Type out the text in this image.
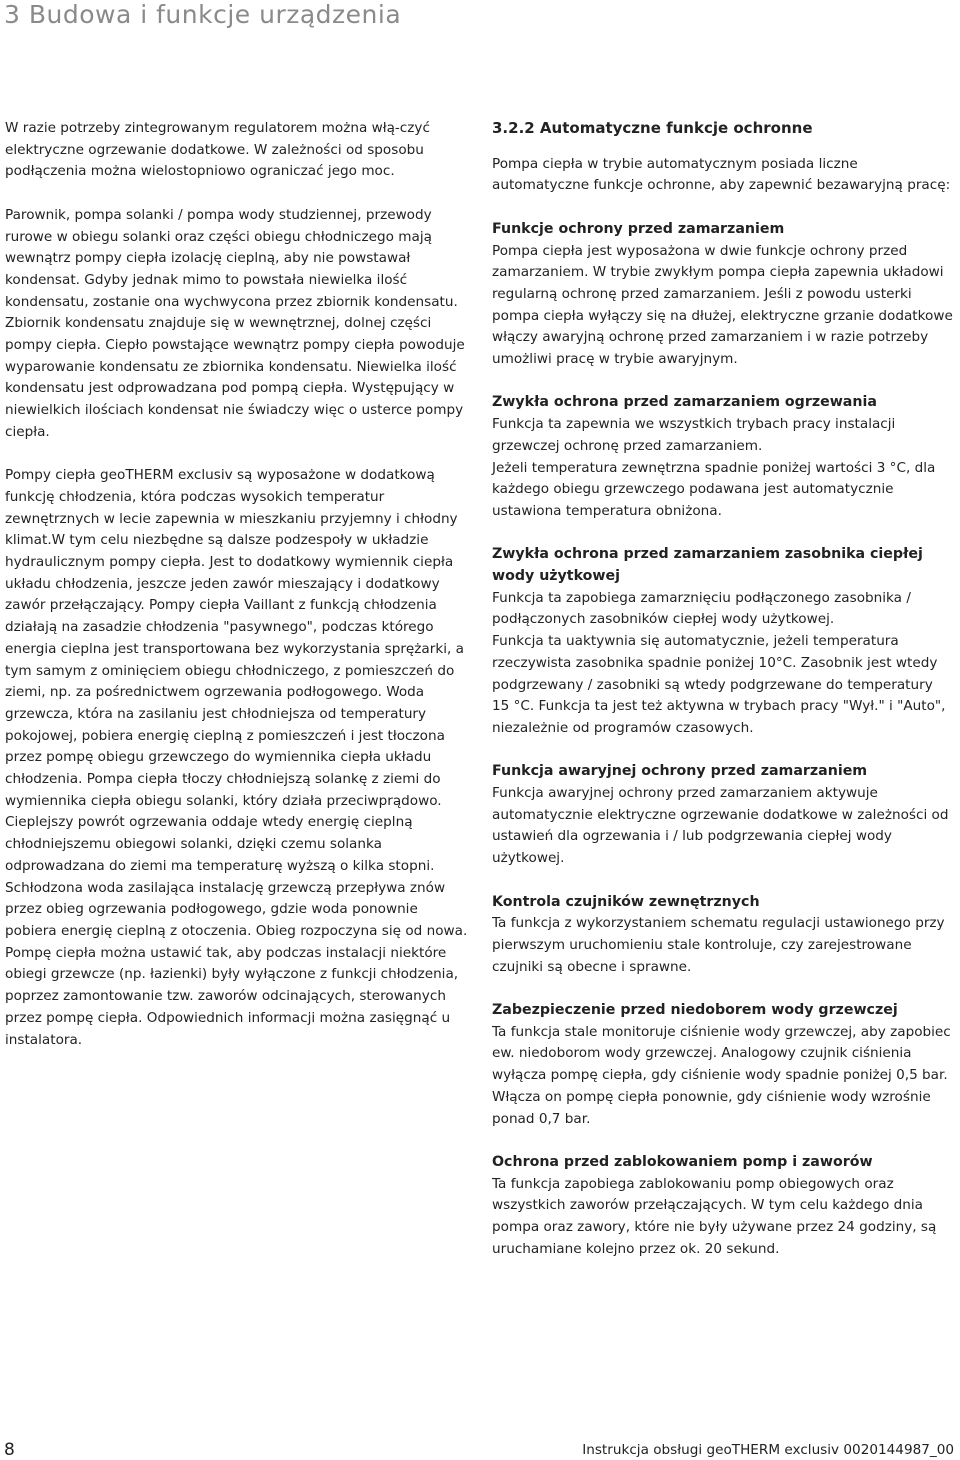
3 Budowa i funkcje urządzenia

W razie potrzeby zintegrowanym regulatorem można włą-czyć elektryczne ogrzewanie dodatkowe. W zależności od sposobu podłączenia można wielostopniowo ograniczać jego moc.

Parownik, pompa solanki / pompa wody studziennej, przewody rurowe w obiegu solanki oraz części obiegu chłodniczego mają wewnątrz pompy ciepła izolację cieplną, aby nie powstawał kondensat. Gdyby jednak mimo to powstała niewielka ilość kondensatu, zostanie ona wychwycona przez zbiornik kondensatu. Zbiornik kondensatu znajduje się w wewnętrznej, dolnej części pompy ciepła. Ciepło powstające wewnątrz pompy ciepła powoduje wyparowanie kondensatu ze zbiornika kondensatu. Niewielka ilość kondensatu jest odprowadzana pod pompą ciepła. Występujący w niewielkich ilościach kondensat nie świadczy więc o usterce pompy ciepła.

Pompy ciepła geoTHERM exclusiv są wyposażone w dodatkową funkcję chłodzenia, która podczas wysokich temperatur zewnętrznych w lecie zapewnia w mieszkaniu przyjemny i chłodny klimat.W tym celu niezbędne są dalsze podzespoły w układzie hydraulicznym pompy ciepła. Jest to dodatkowy wymiennik ciepła układu chłodzenia, jeszcze jeden zawór mieszający i dodatkowy zawór przełączający. Pompy ciepła Vaillant z funkcją chłodzenia działają na zasadzie chłodzenia "pasywnego", podczas którego energia cieplna jest transportowana bez wykorzystania sprężarki, a tym samym z ominięciem obiegu chłodniczego, z pomieszczeń do ziemi, np. za pośrednictwem ogrzewania podłogowego. Woda grzewcza, która na zasilaniu jest chłodniejsza od temperatury pokojowej, pobiera energię cieplną z pomieszczeń i jest tłoczona przez pompę obiegu grzewczego do wymiennika ciepła układu chłodzenia. Pompa ciepła tłoczy chłodniejszą solankę z ziemi do wymiennika ciepła obiegu solanki, który działa przeciwprądowo. Cieplejszy powrót ogrzewania oddaje wtedy energię cieplną chłodniejszemu obiegowi solanki, dzięki czemu solanka odprowadzana do ziemi ma temperaturę wyższą o kilka stopni. Schłodzona woda zasilająca instalację grzewczą przepływa znów przez obieg ogrzewania podłogowego, gdzie woda ponownie pobiera energię cieplną z otoczenia. Obieg rozpoczyna się od nowa.

Pompę ciepła można ustawić tak, aby podczas instalacji niektóre obiegi grzewcze (np. łazienki) były wyłączone z funkcji chłodzenia, poprzez zamontowanie tzw. zaworów odcinających, sterowanych przez pompę ciepła. Odpowiednich informacji można zasięgnąć u instalatora.

3.2.2 Automatyczne funkcje ochronne

Pompa ciepła w trybie automatycznym posiada liczne automatyczne funkcje ochronne, aby zapewnić bezawaryjną pracę:

Funkcje ochrony przed zamarzaniem

Pompa ciepła jest wyposażona w dwie funkcje ochrony przed zamarzaniem. W trybie zwykłym pompa ciepła zapewnia układowi regularną ochronę przed zamarzaniem. Jeśli z powodu usterki pompa ciepła wyłączy się na dłużej, elektryczne grzanie dodatkowe włączy awaryjną ochronę przed zamarzaniem i w razie potrzeby umożliwi pracę w trybie awaryjnym.

Zwykła ochrona przed zamarzaniem ogrzewania

Funkcja ta zapewnia we wszystkich trybach pracy instalacji grzewczej ochronę przed zamarzaniem.

Jeżeli temperatura zewnętrzna spadnie poniżej wartości 3 °C, dla każdego obiegu grzewczego podawana jest automatycznie ustawiona temperatura obniżona.

Zwykła ochrona przed zamarzaniem zasobnika ciepłej wody użytkowej

Funkcja ta zapobiega zamarznięciu podłączonego zasobnika / podłączonych zasobników ciepłej wody użytkowej.

Funkcja ta uaktywnia się automatycznie, jeżeli temperatura rzeczywista zasobnika spadnie poniżej 10°C. Zasobnik jest wtedy podgrzewany / zasobniki są wtedy podgrzewane do temperatury 15 °C. Funkcja ta jest też aktywna w trybach pracy "Wył." i "Auto", niezależnie od programów czasowych.

Funkcja awaryjnej ochrony przed zamarzaniem

Funkcja awaryjnej ochrony przed zamarzaniem aktywuje automatycznie elektryczne ogrzewanie dodatkowe w zależności od ustawień dla ogrzewania i / lub podgrzewania ciepłej wody użytkowej.

Kontrola czujników zewnętrznych

Ta funkcja z wykorzystaniem schematu regulacji ustawionego przy pierwszym uruchomieniu stale kontroluje, czy zarejestrowane czujniki są obecne i sprawne.

Zabezpieczenie przed niedoborem wody grzewczej

Ta funkcja stale monitoruje ciśnienie wody grzewczej, aby zapobiec ew. niedoborom wody grzewczej. Analogowy czujnik ciśnienia wyłącza pompę ciepła, gdy ciśnienie wody spadnie poniżej 0,5 bar. Włącza on pompę ciepła ponownie, gdy ciśnienie wody wzrośnie ponad 0,7 bar.

Ochrona przed zablokowaniem pomp i zaworów

Ta funkcja zapobiega zablokowaniu pomp obiegowych oraz wszystkich zaworów przełączających. W tym celu każdego dnia pompa oraz zawory, które nie były używane przez 24 godziny, są uruchamiane kolejno przez ok. 20 sekund.

8	Instrukcja obsługi geoTHERM exclusiv 0020144987_00
